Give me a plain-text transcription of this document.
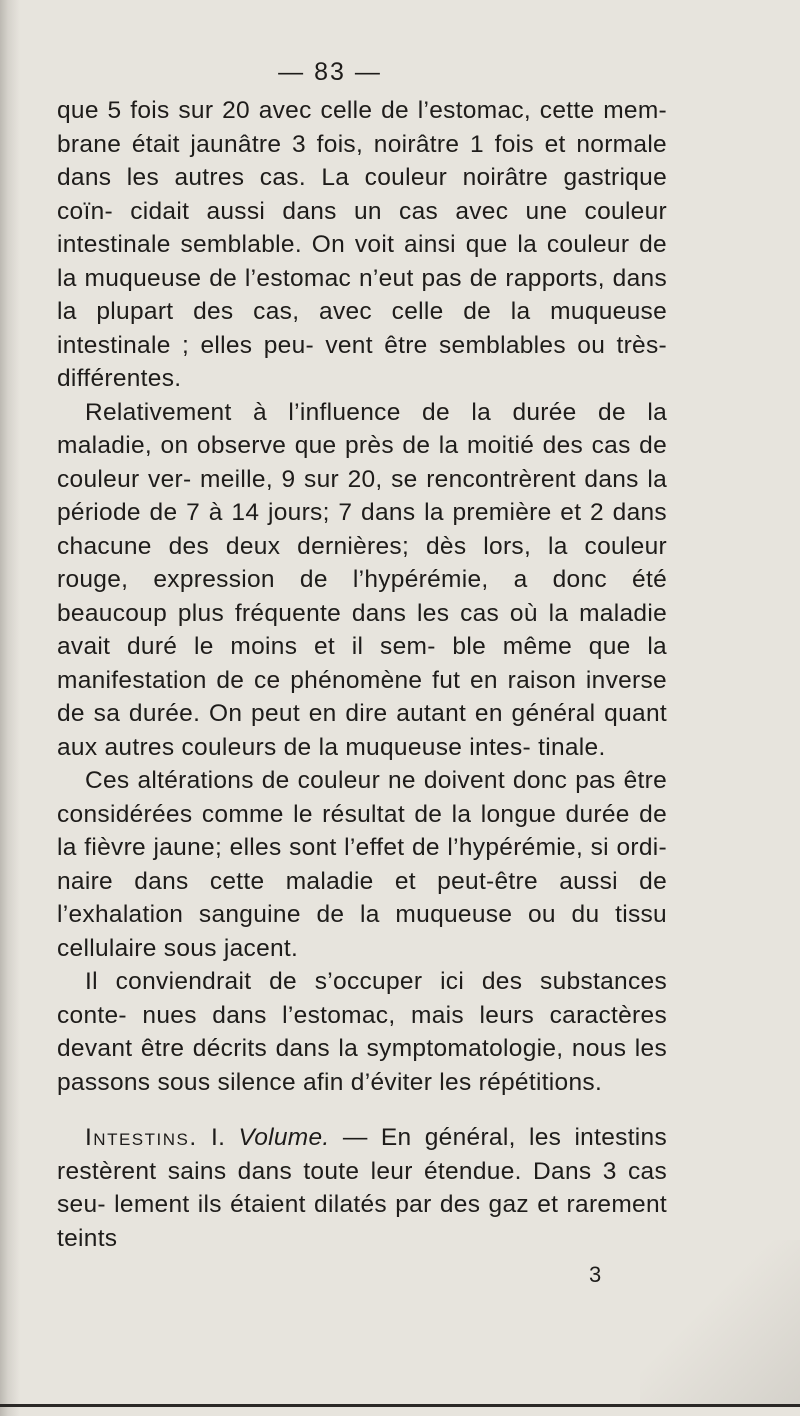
— 83 —

que 5 fois sur 20 avec celle de l’estomac, cette mem- brane était jaunâtre 3 fois, noirâtre 1 fois et normale dans les autres cas. La couleur noirâtre gastrique coïn- cidait aussi dans un cas avec une couleur intestinale semblable. On voit ainsi que la couleur de la muqueuse de l’estomac n’eut pas de rapports, dans la plupart des cas, avec celle de la muqueuse intestinale ; elles peu- vent être semblables ou très-différentes.

Relativement à l’influence de la durée de la maladie, on observe que près de la moitié des cas de couleur ver- meille, 9 sur 20, se rencontrèrent dans la période de 7 à 14 jours; 7 dans la première et 2 dans chacune des deux dernières; dès lors, la couleur rouge, expression de l’hypérémie, a donc été beaucoup plus fréquente dans les cas où la maladie avait duré le moins et il sem- ble même que la manifestation de ce phénomène fut en raison inverse de sa durée. On peut en dire autant en général quant aux autres couleurs de la muqueuse intes- tinale.

Ces altérations de couleur ne doivent donc pas être considérées comme le résultat de la longue durée de la fièvre jaune; elles sont l’effet de l’hypérémie, si ordi- naire dans cette maladie et peut-être aussi de l’exhalation sanguine de la muqueuse ou du tissu cellulaire sous jacent.

Il conviendrait de s’occuper ici des substances conte- nues dans l’estomac, mais leurs caractères devant être décrits dans la symptomatologie, nous les passons sous silence afin d’éviter les répétitions.

Intestins. I. Volume. — En général, les intestins restèrent sains dans toute leur étendue. Dans 3 cas seu- lement ils étaient dilatés par des gaz et rarement teints

3
